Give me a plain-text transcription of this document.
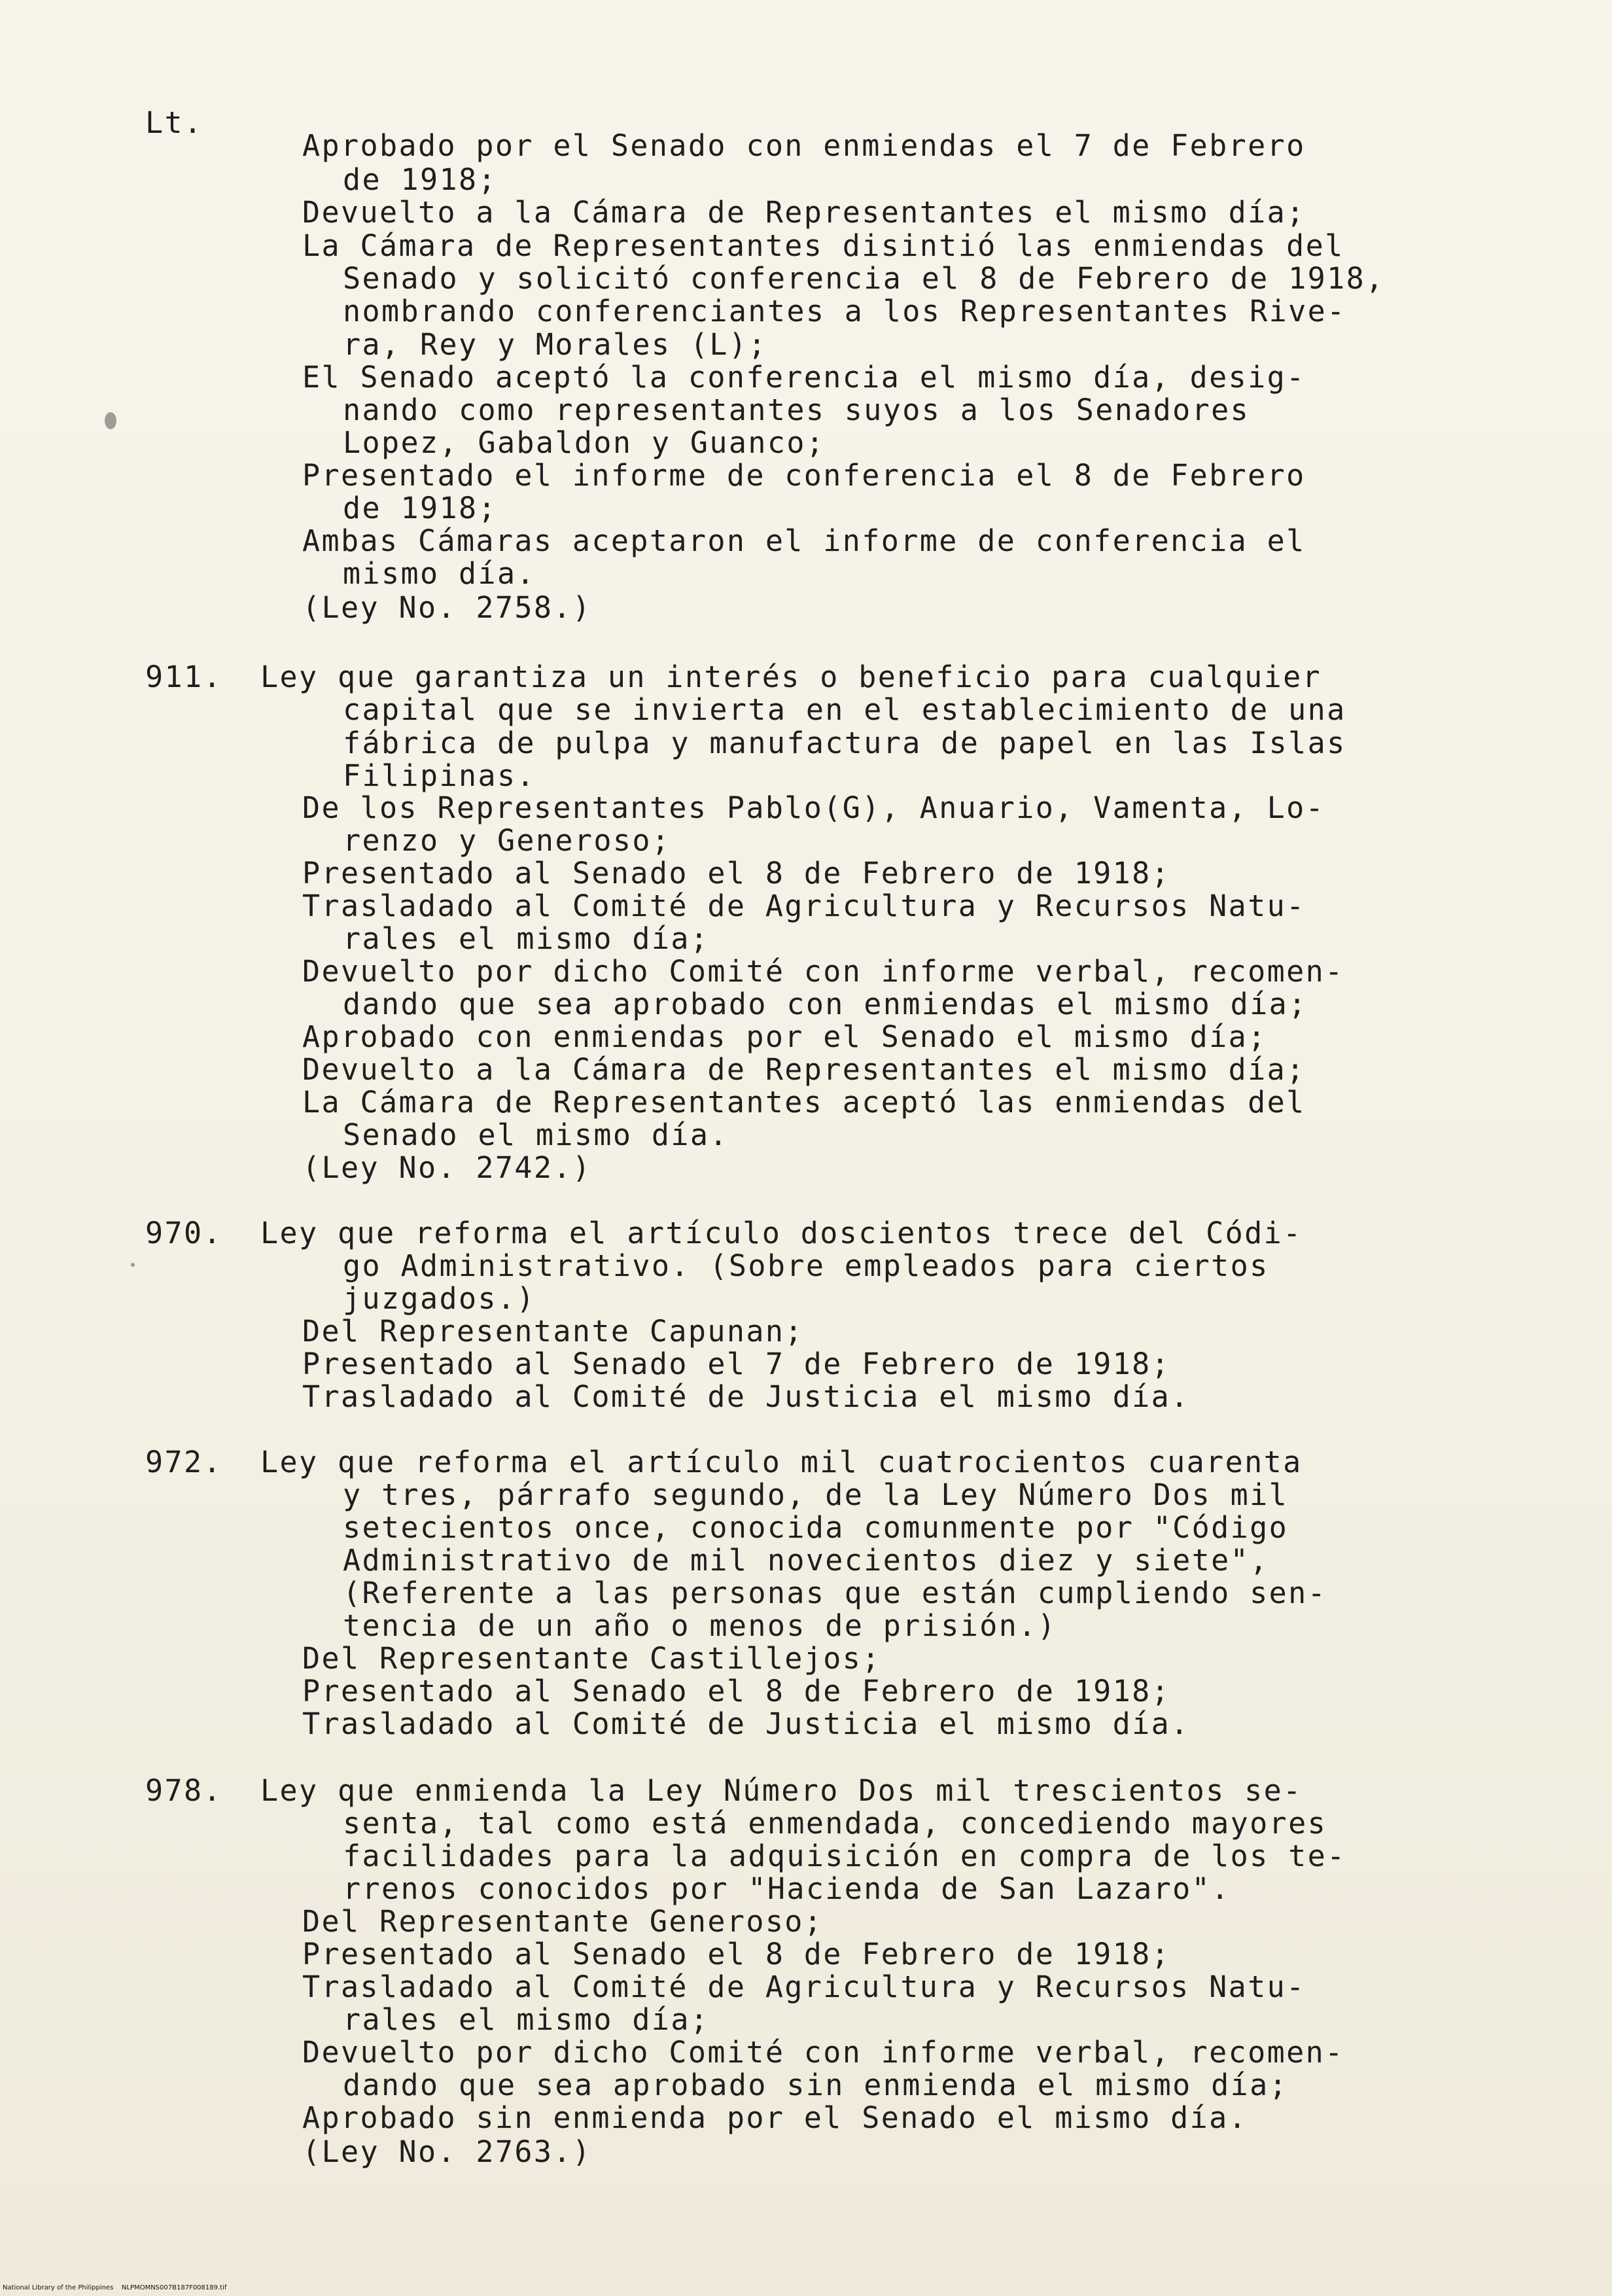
Lt.
Aprobado por el Senado con enmiendas el 7 de Febrero
de 1918;
Devuelto a la Cámara de Representantes el mismo día;
La Cámara de Representantes disintió las enmiendas del
Senado y solicitó conferencia el 8 de Febrero de 1918,
nombrando conferenciantes a los Representantes Rive-
ra, Rey y Morales (L);
El Senado aceptó la conferencia el mismo día, desig-
nando como representantes suyos a los Senadores
Lopez, Gabaldon y Guanco;
Presentado el informe de conferencia el 8 de Febrero
de 1918;
Ambas Cámaras aceptaron el informe de conferencia el
mismo día.
(Ley No. 2758.)
911. Ley que garantiza un interés o beneficio para cualquier
capital que se invierta en el establecimiento de una
fábrica de pulpa y manufactura de papel en las Islas
Filipinas.
De los Representantes Pablo(G), Anuario, Vamenta, Lo-
renzo y Generoso;
Presentado al Senado el 8 de Febrero de 1918;
Trasladado al Comité de Agricultura y Recursos Natu-
rales el mismo día;
Devuelto por dicho Comité con informe verbal, recomen-
dando que sea aprobado con enmiendas el mismo día;
Aprobado con enmiendas por el Senado el mismo día;
Devuelto a la Cámara de Representantes el mismo día;
La Cámara de Representantes aceptó las enmiendas del
Senado el mismo día.
(Ley No. 2742.)
970. Ley que reforma el artículo doscientos trece del Códi-
go Administrativo. (Sobre empleados para ciertos
juzgados.)
Del Representante Capunan;
Presentado al Senado el 7 de Febrero de 1918;
Trasladado al Comité de Justicia el mismo día.
972. Ley que reforma el artículo mil cuatrocientos cuarenta
y tres, párrafo segundo, de la Ley Número Dos mil
setecientos once, conocida comunmente por "Código
Administrativo de mil novecientos diez y siete",
(Referente a las personas que están cumpliendo sen-
tencia de un año o menos de prisión.)
Del Representante Castillejos;
Presentado al Senado el 8 de Febrero de 1918;
Trasladado al Comité de Justicia el mismo día.
978. Ley que enmienda la Ley Número Dos mil trescientos se-
senta, tal como está enmendada, concediendo mayores
facilidades para la adquisición en compra de los te-
rrenos conocidos por "Hacienda de San Lazaro".
Del Representante Generoso;
Presentado al Senado el 8 de Febrero de 1918;
Trasladado al Comité de Agricultura y Recursos Natu-
rales el mismo día;
Devuelto por dicho Comité con informe verbal, recomen-
dando que sea aprobado sin enmienda el mismo día;
Aprobado sin enmienda por el Senado el mismo día.
(Ley No. 2763.)
National Library of the Philippines    NLPMOMNS007B187F008189.tif
